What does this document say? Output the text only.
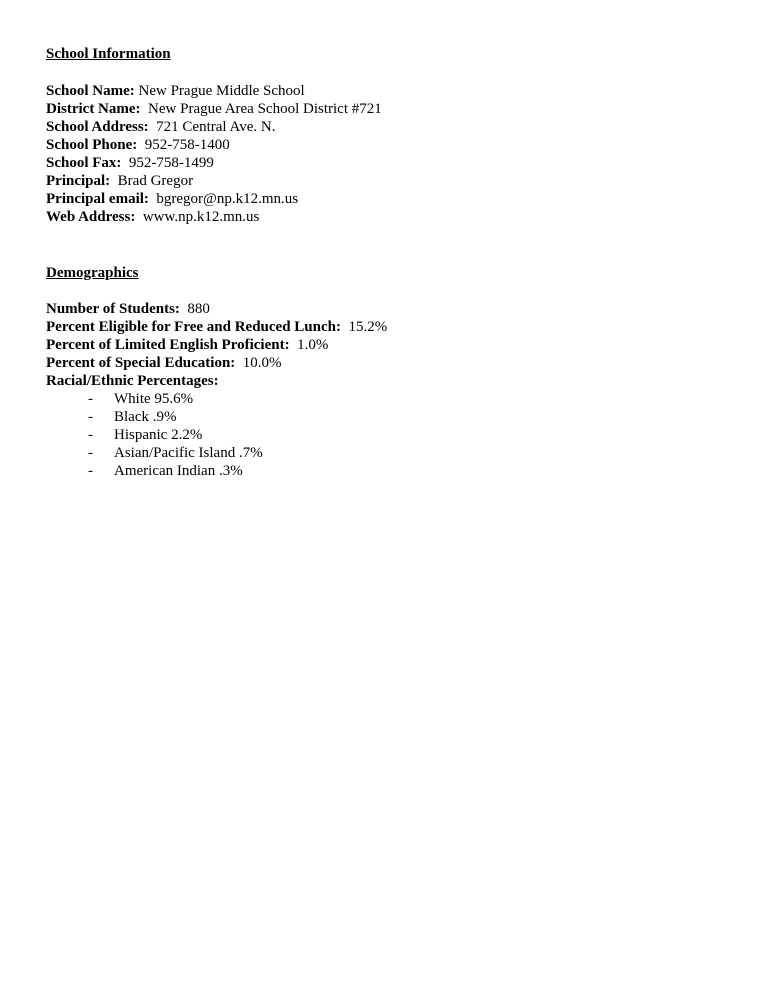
School Information
School Name: New Prague Middle School
District Name: New Prague Area School District #721
School Address: 721 Central Ave. N.
School Phone: 952-758-1400
School Fax: 952-758-1499
Principal: Brad Gregor
Principal email: bgregor@np.k12.mn.us
Web Address: www.np.k12.mn.us
Demographics
Number of Students: 880
Percent Eligible for Free and Reduced Lunch: 15.2%
Percent of Limited English Proficient: 1.0%
Percent of Special Education: 10.0%
Racial/Ethnic Percentages:
- White 95.6%
- Black .9%
- Hispanic 2.2%
- Asian/Pacific Island .7%
- American Indian .3%
